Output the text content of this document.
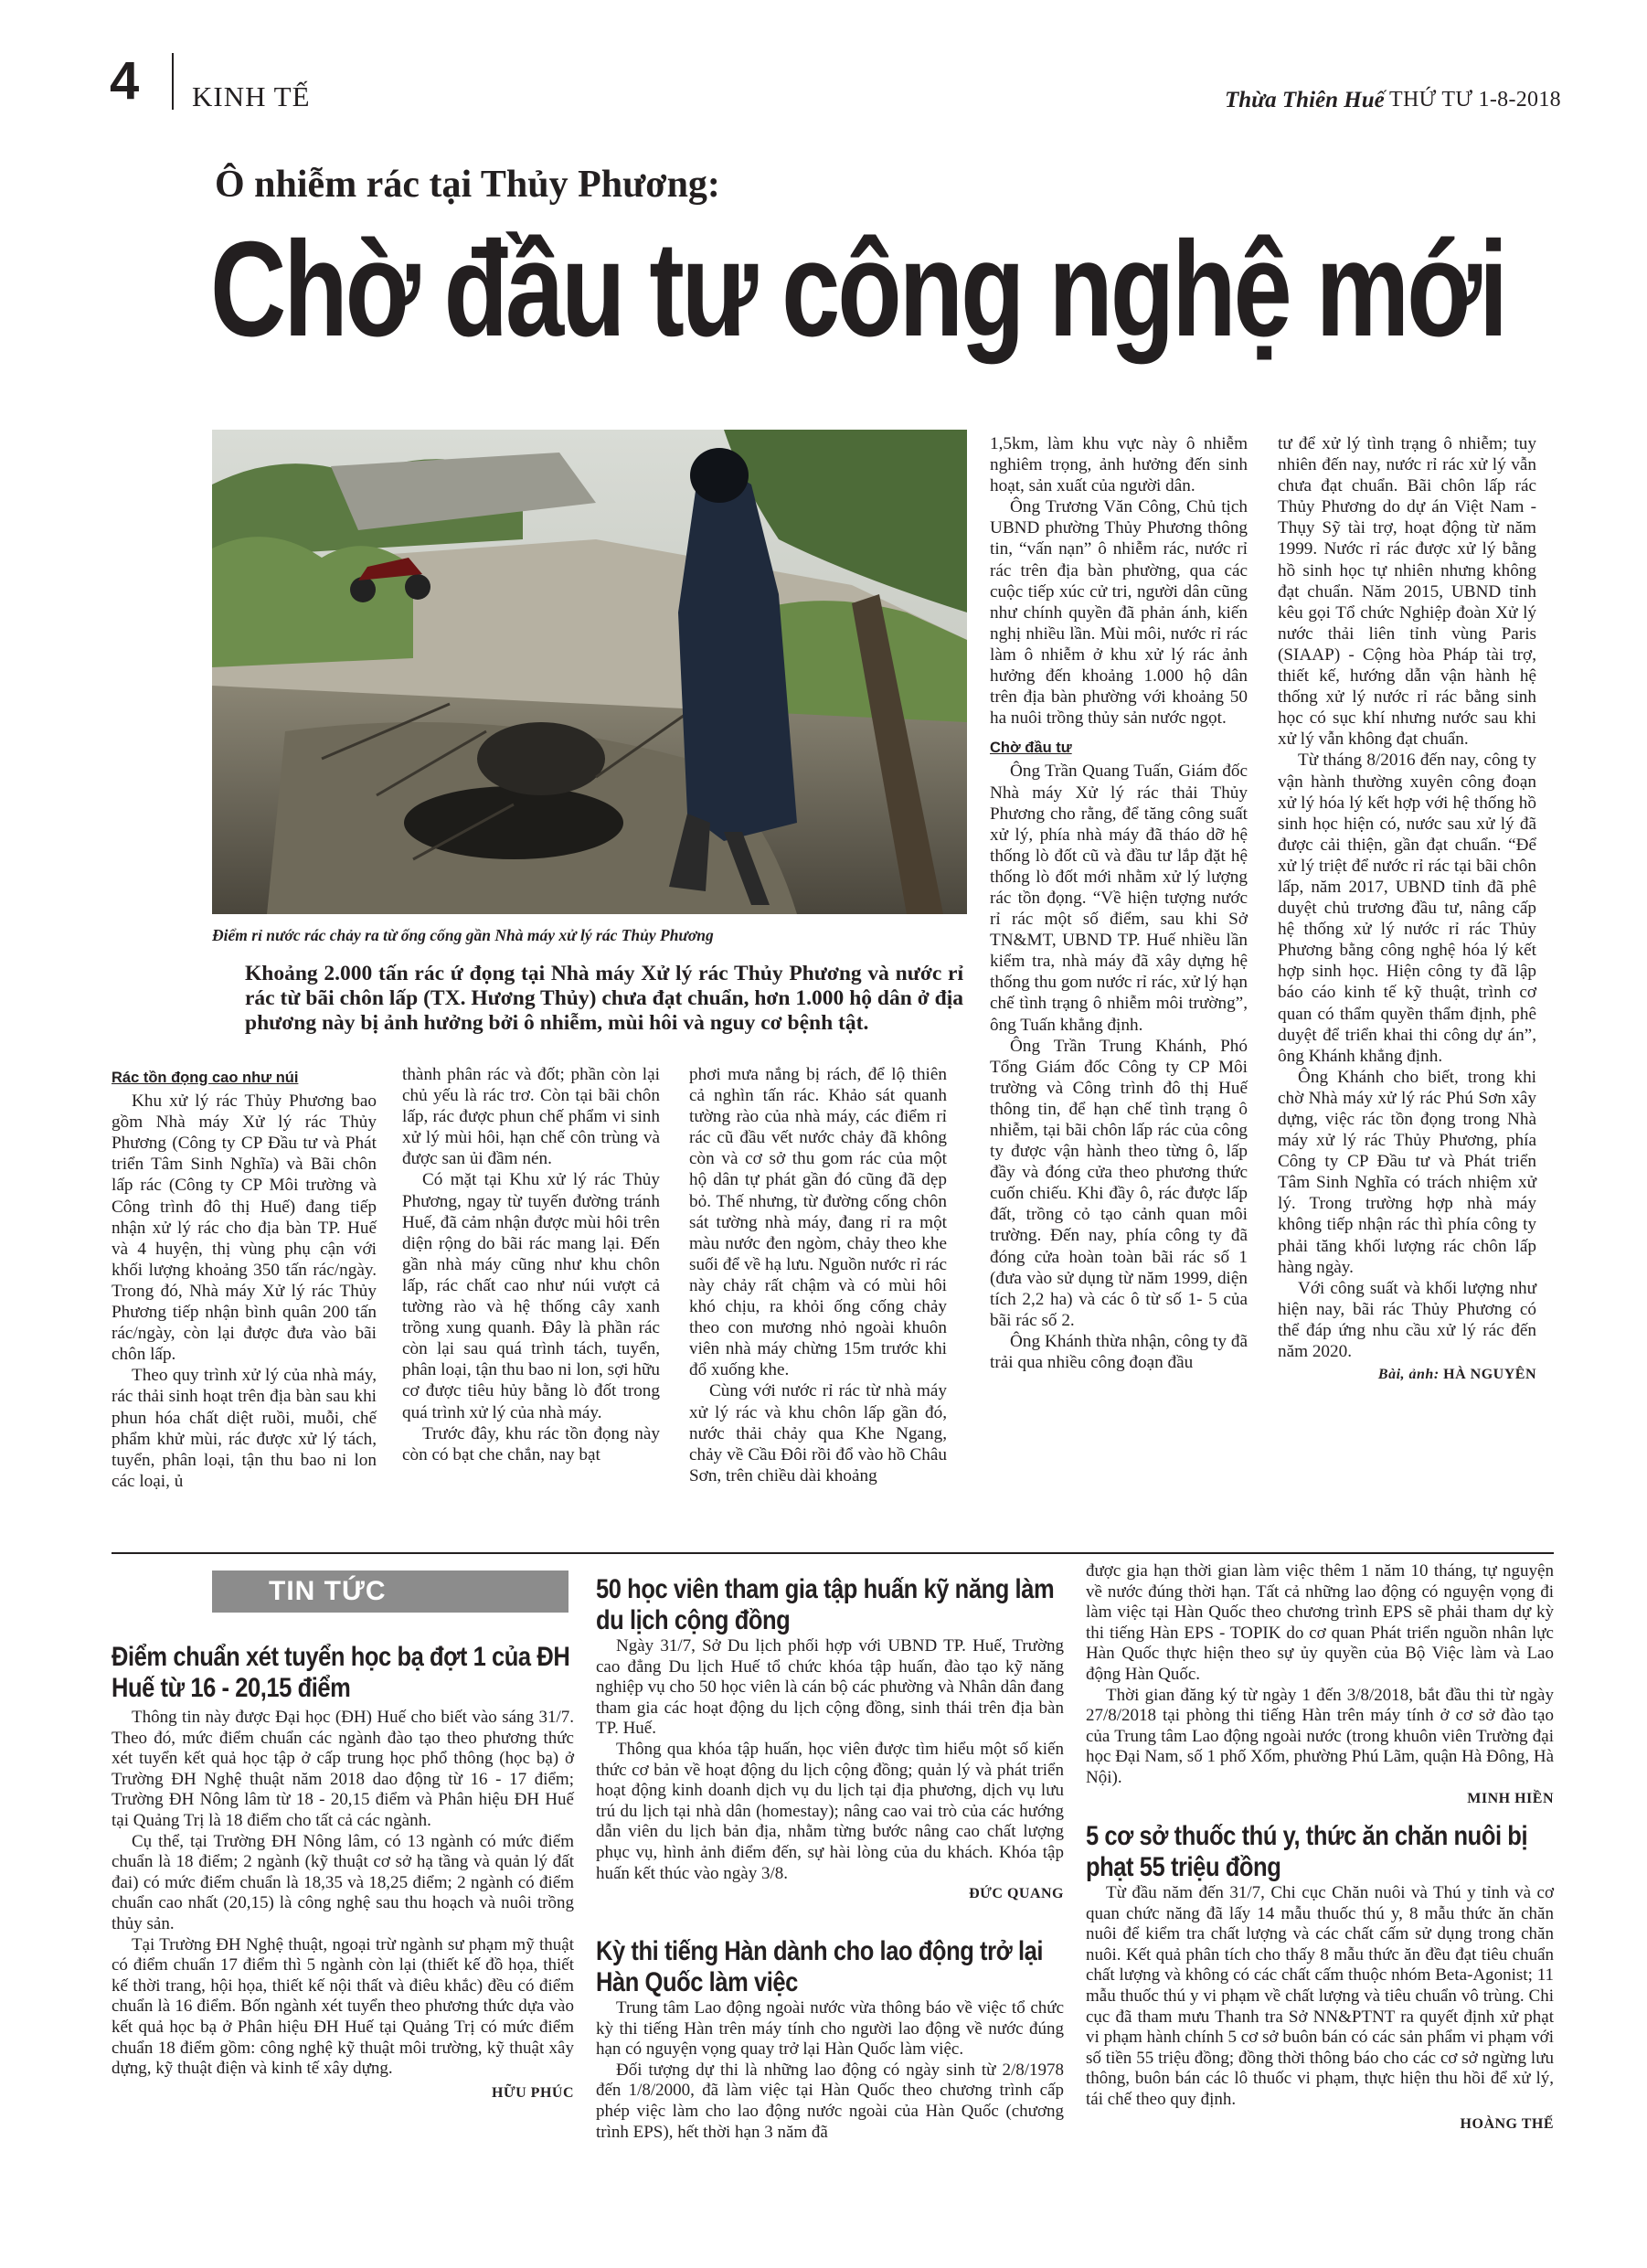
4 KINH TẾ	Thừa Thiên Huế THỨ TƯ 1-8-2018
Ô nhiễm rác tại Thủy Phương:
Chờ đầu tư công nghệ mới
Điểm rỉ nước rác chảy ra từ ống cống gần Nhà máy xử lý rác Thủy Phương
Khoảng 2.000 tấn rác ứ đọng tại Nhà máy Xử lý rác Thủy Phương và nước rỉ rác từ bãi chôn lấp (TX. Hương Thủy) chưa đạt chuẩn, hơn 1.000 hộ dân ở địa phương này bị ảnh hưởng bởi ô nhiễm, mùi hôi và nguy cơ bệnh tật.
Rác tồn đọng cao như núi

Khu xử lý rác Thủy Phương bao gồm Nhà máy Xử lý rác Thủy Phương (Công ty CP Đầu tư và Phát triển Tâm Sinh Nghĩa) và Bãi chôn lấp rác (Công ty CP Môi trường và Công trình đô thị Huế) đang tiếp nhận xử lý rác cho địa bàn TP. Huế và 4 huyện, thị vùng phụ cận với khối lượng khoảng 350 tấn rác/ngày. Trong đó, Nhà máy Xử lý rác Thủy Phương tiếp nhận bình quân 200 tấn rác/ngày, còn lại được đưa vào bãi chôn lấp.

Theo quy trình xử lý của nhà máy, rác thải sinh hoạt trên địa bàn sau khi phun hóa chất diệt ruồi, muỗi, chế phẩm khử mùi, rác được xử lý tách, tuyển, phân loại, tận thu bao ni lon các loại, ủ

thành phân rác và đốt; phần còn lại chủ yếu là rác trơ. Còn tại bãi chôn lấp, rác được phun chế phẩm vi sinh xử lý mùi hôi, hạn chế côn trùng và được san ủi đầm nén.

Có mặt tại Khu xử lý rác Thủy Phương, ngay từ tuyến đường tránh Huế, đã cảm nhận được mùi hôi trên diện rộng do bãi rác mang lại. Đến gần nhà máy cũng như khu chôn lấp, rác chất cao như núi vượt cả tường rào và hệ thống cây xanh trồng xung quanh. Đây là phần rác còn lại sau quá trình tách, tuyển, phân loại, tận thu bao ni lon, sợi hữu cơ được tiêu hủy bằng lò đốt trong quá trình xử lý của nhà máy.

Trước đây, khu rác tồn đọng này còn có bạt che chắn, nay bạt

phơi mưa nắng bị rách, để lộ thiên cả nghìn tấn rác. Khảo sát quanh tường rào của nhà máy, các điểm rỉ rác cũ đầu vết nước chảy đã không còn và cơ sở thu gom rác của một hộ dân tự phát gần đó cũng đã dẹp bỏ. Thế nhưng, từ đường cống chôn sát tường nhà máy, đang rỉ ra một màu nước đen ngòm, chảy theo khe suối để về hạ lưu. Nguồn nước rỉ rác này chảy rất chậm và có mùi hôi khó chịu, ra khỏi ống cống chảy theo con mương nhỏ ngoài khuôn viên nhà máy chừng 15m trước khi đổ xuống khe.

Cùng với nước rỉ rác từ nhà máy xử lý rác và khu chôn lấp gần đó, nước thải chảy qua Khe Ngang, chảy về Cầu Đôi rồi đổ vào hồ Châu Sơn, trên chiều dài khoảng

1,5km, làm khu vực này ô nhiễm nghiêm trọng, ảnh hưởng đến sinh hoạt, sản xuất của người dân.

Ông Trương Văn Công, Chủ tịch UBND phường Thủy Phương thông tin, “vấn nạn” ô nhiễm rác, nước rỉ rác trên địa bàn phường, qua các cuộc tiếp xúc cử tri, người dân cũng như chính quyền đã phản ánh, kiến nghị nhiều lần. Mùi môi, nước rỉ rác làm ô nhiễm ở khu xử lý rác ảnh hưởng đến khoảng 1.000 hộ dân trên địa bàn phường với khoảng 50 ha nuôi trồng thủy sản nước ngọt.

Chờ đầu tư

Ông Trần Quang Tuấn, Giám đốc Nhà máy Xử lý rác thải Thủy Phương cho rằng, để tăng công suất xử lý, phía nhà máy đã tháo dỡ hệ thống lò đốt cũ và đầu tư lắp đặt hệ thống lò đốt mới nhằm xử lý lượng rác tồn đọng. “Về hiện tượng nước rỉ rác một số điểm, sau khi Sở TN&MT, UBND TP. Huế nhiều lần kiểm tra, nhà máy đã xây dựng hệ thống thu gom nước rỉ rác, xử lý hạn chế tình trạng ô nhiễm môi trường”, ông Tuấn khẳng định.

Ông Trần Trung Khánh, Phó Tổng Giám đốc Công ty CP Môi trường và Công trình đô thị Huế thông tin, để hạn chế tình trạng ô nhiễm, tại bãi chôn lấp rác của công ty được vận hành theo từng ô, lấp đầy và đóng cửa theo phương thức cuốn chiếu. Khi đầy ô, rác được lấp đất, trồng cỏ tạo cảnh quan môi trường. Đến nay, phía công ty đã đóng cửa hoàn toàn bãi rác số 1 (đưa vào sử dụng từ năm 1999, diện tích 2,2 ha) và các ô từ số 1- 5 của bãi rác số 2.

Ông Khánh thừa nhận, công ty đã trải qua nhiều công đoạn đầu

tư để xử lý tình trạng ô nhiễm; tuy nhiên đến nay, nước rỉ rác xử lý vẫn chưa đạt chuẩn. Bãi chôn lấp rác Thủy Phương do dự án Việt Nam - Thụy Sỹ tài trợ, hoạt động từ năm 1999. Nước rỉ rác được xử lý bằng hồ sinh học tự nhiên nhưng không đạt chuẩn. Năm 2015, UBND tỉnh kêu gọi Tổ chức Nghiệp đoàn Xử lý nước thải liên tỉnh vùng Paris (SIAAP) - Cộng hòa Pháp tài trợ, thiết kế, hướng dẫn vận hành hệ thống xử lý nước rỉ rác bằng sinh học có sục khí nhưng nước sau khi xử lý vẫn không đạt chuẩn.

Từ tháng 8/2016 đến nay, công ty vận hành thường xuyên công đoạn xử lý hóa lý kết hợp với hệ thống hồ sinh học hiện có, nước sau xử lý đã được cải thiện, gần đạt chuẩn. “Để xử lý triệt để nước rỉ rác tại bãi chôn lấp, năm 2017, UBND tỉnh đã phê duyệt chủ trương đầu tư, nâng cấp hệ thống xử lý nước rỉ rác Thủy Phương bằng công nghệ hóa lý kết hợp sinh học. Hiện công ty đã lập báo cáo kinh tế kỹ thuật, trình cơ quan có thẩm quyền thẩm định, phê duyệt để triển khai thi công dự án”, ông Khánh khẳng định.

Ông Khánh cho biết, trong khi chờ Nhà máy xử lý rác Phú Sơn xây dựng, việc rác tồn đọng trong Nhà máy xử lý rác Thủy Phương, phía Công ty CP Đầu tư và Phát triển Tâm Sinh Nghĩa có trách nhiệm xử lý. Trong trường hợp nhà máy không tiếp nhận rác thì phía công ty phải tăng khối lượng rác chôn lấp hàng ngày.

Với công suất và khối lượng như hiện nay, bãi rác Thủy Phương có thể đáp ứng nhu cầu xử lý rác đến năm 2020.

Bài, ảnh: HÀ NGUYÊN
TIN TỨC
Điểm chuẩn xét tuyển học bạ đợt 1 của ĐH Huế từ 16 - 20,15 điểm

Thông tin này được Đại học (ĐH) Huế cho biết vào sáng 31/7. Theo đó, mức điểm chuẩn các ngành đào tạo theo phương thức xét tuyển kết quả học tập ở cấp trung học phổ thông (học bạ) ở Trường ĐH Nghệ thuật năm 2018 dao động từ 16 - 17 điểm; Trường ĐH Nông lâm từ 18 - 20,15 điểm và Phân hiệu ĐH Huế tại Quảng Trị là 18 điểm cho tất cả các ngành.

Cụ thể, tại Trường ĐH Nông lâm, có 13 ngành có mức điểm chuẩn là 18 điểm; 2 ngành (kỹ thuật cơ sở hạ tầng và quản lý đất đai) có mức điểm chuẩn là 18,35 và 18,25 điểm; 2 ngành có điểm chuẩn cao nhất (20,15) là công nghệ sau thu hoạch và nuôi trồng thủy sản.

Tại Trường ĐH Nghệ thuật, ngoại trừ ngành sư phạm mỹ thuật có điểm chuẩn 17 điểm thì 5 ngành còn lại (thiết kế đồ họa, thiết kế thời trang, hội họa, thiết kế nội thất và điêu khắc) đều có điểm chuẩn là 16 điểm. Bốn ngành xét tuyển theo phương thức dựa vào kết quả học bạ ở Phân hiệu ĐH Huế tại Quảng Trị có mức điểm chuẩn 18 điểm gồm: công nghệ kỹ thuật môi trường, kỹ thuật xây dựng, kỹ thuật điện và kinh tế xây dựng.

HỮU PHÚC
50 học viên tham gia tập huấn kỹ năng làm du lịch cộng đồng

Ngày 31/7, Sở Du lịch phối hợp với UBND TP. Huế, Trường cao đẳng Du lịch Huế tổ chức khóa tập huấn, đào tạo kỹ năng nghiệp vụ cho 50 học viên là cán bộ các phường và Nhân dân đang tham gia các hoạt động du lịch cộng đồng, sinh thái trên địa bàn TP. Huế.

Thông qua khóa tập huấn, học viên được tìm hiểu một số kiến thức cơ bản về hoạt động du lịch cộng đồng; quản lý và phát triển hoạt động kinh doanh dịch vụ du lịch tại địa phương, dịch vụ lưu trú du lịch tại nhà dân (homestay); nâng cao vai trò của các hướng dẫn viên du lịch bản địa, nhằm từng bước nâng cao chất lượng phục vụ, hình ảnh điểm đến, sự hài lòng của du khách. Khóa tập huấn kết thúc vào ngày 3/8.

ĐỨC QUANG
Kỳ thi tiếng Hàn dành cho lao động trở lại Hàn Quốc làm việc

Trung tâm Lao động ngoài nước vừa thông báo về việc tổ chức kỳ thi tiếng Hàn trên máy tính cho người lao động về nước đúng hạn có nguyện vọng quay trở lại Hàn Quốc làm việc.

Đối tượng dự thi là những lao động có ngày sinh từ 2/8/1978 đến 1/8/2000, đã làm việc tại Hàn Quốc theo chương trình cấp phép việc làm cho lao động nước ngoài của Hàn Quốc (chương trình EPS), hết thời hạn 3 năm đã

được gia hạn thời gian làm việc thêm 1 năm 10 tháng, tự nguyện về nước đúng thời hạn. Tất cả những lao động có nguyện vọng đi làm việc tại Hàn Quốc theo chương trình EPS sẽ phải tham dự kỳ thi tiếng Hàn EPS - TOPIK do cơ quan Phát triển nguồn nhân lực Hàn Quốc thực hiện theo sự ủy quyền của Bộ Việc làm và Lao động Hàn Quốc.

Thời gian đăng ký từ ngày 1 đến 3/8/2018, bắt đầu thi từ ngày 27/8/2018 tại phòng thi tiếng Hàn trên máy tính ở cơ sở đào tạo của Trung tâm Lao động ngoài nước (trong khuôn viên Trường đại học Đại Nam, số 1 phố Xốm, phường Phú Lãm, quận Hà Đông, Hà Nội).

MINH HIỀN
5 cơ sở thuốc thú y, thức ăn chăn nuôi bị phạt 55 triệu đồng

Từ đầu năm đến 31/7, Chi cục Chăn nuôi và Thú y tỉnh và cơ quan chức năng đã lấy 14 mẫu thuốc thú y, 8 mẫu thức ăn chăn nuôi để kiểm tra chất lượng và các chất cấm sử dụng trong chăn nuôi. Kết quả phân tích cho thấy 8 mẫu thức ăn đều đạt tiêu chuẩn chất lượng và không có các chất cấm thuộc nhóm Beta-Agonist; 11 mẫu thuốc thú y vi phạm về chất lượng và tiêu chuẩn vô trùng. Chi cục đã tham mưu Thanh tra Sở NN&PTNT ra quyết định xử phạt vi phạm hành chính 5 cơ sở buôn bán có các sản phẩm vi phạm với số tiền 55 triệu đồng; đồng thời thông báo cho các cơ sở ngừng lưu thông, buôn bán các lô thuốc vi phạm, thực hiện thu hồi để xử lý, tái chế theo quy định.

HOÀNG THẾ
